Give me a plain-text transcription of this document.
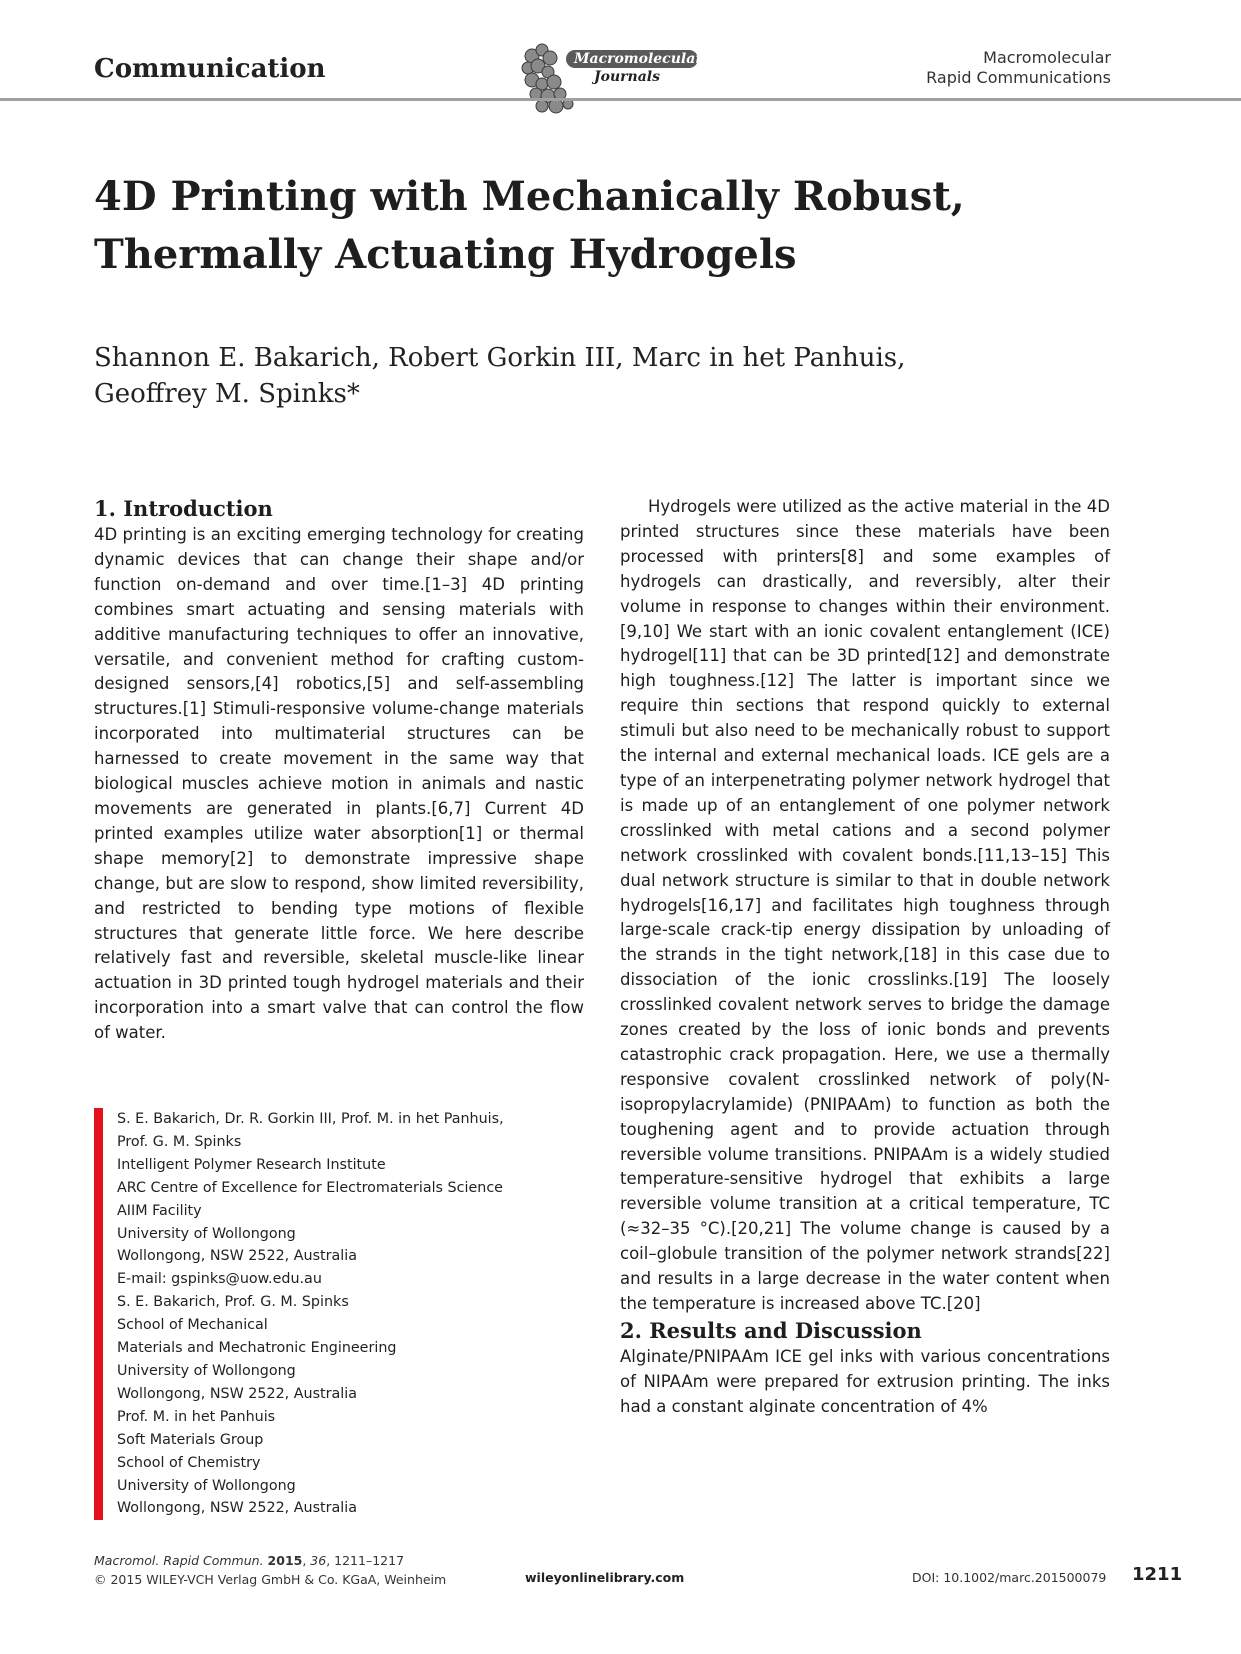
Communication	Macromolecular
Journals
Macromolecular
Rapid Communications
4D Printing with Mechanically Robust,
Thermally Actuating Hydrogels

Shannon E. Bakarich, Robert Gorkin III, Marc in het Panhuis, Geoffrey M. Spinks*

1. Introduction

4D printing is an exciting emerging technology for creating dynamic devices that can change their shape and/or function on-demand and over time.[1–3] 4D printing combines smart actuating and sensing materials with additive manufacturing techniques to offer an innovative, versatile, and convenient method for crafting custom-designed sensors,[4] robotics,[5] and self-assembling structures.[1] Stimuli-responsive volume-change materials incorporated into multimaterial structures can be harnessed to create movement in the same way that biological muscles achieve motion in animals and nastic movements are generated in plants.[6,7] Current 4D printed examples utilize water absorption[1] or thermal shape memory[2] to demonstrate impressive shape change, but are slow to respond, show limited reversibility, and restricted to bending type motions of flexible structures that generate little force. We here describe relatively fast and reversible, skeletal muscle-like linear actuation in 3D printed tough hydrogel materials and their incorporation into a smart valve that can control the flow of water.

S. E. Bakarich, Dr. R. Gorkin III, Prof. M. in het Panhuis,
Prof. G. M. Spinks
Intelligent Polymer Research Institute
ARC Centre of Excellence for Electromaterials Science
AIIM Facility
University of Wollongong
Wollongong, NSW 2522, Australia
E-mail: gspinks@uow.edu.au
S. E. Bakarich, Prof. G. M. Spinks
School of Mechanical
Materials and Mechatronic Engineering
University of Wollongong
Wollongong, NSW 2522, Australia
Prof. M. in het Panhuis
Soft Materials Group
School of Chemistry
University of Wollongong
Wollongong, NSW 2522, Australia

Hydrogels were utilized as the active material in the 4D printed structures since these materials have been processed with printers[8] and some examples of hydrogels can drastically, and reversibly, alter their volume in response to changes within their environment.[9,10] We start with an ionic covalent entanglement (ICE) hydrogel[11] that can be 3D printed[12] and demonstrate high toughness.[12] The latter is important since we require thin sections that respond quickly to external stimuli but also need to be mechanically robust to support the internal and external mechanical loads. ICE gels are a type of an interpenetrating polymer network hydrogel that is made up of an entanglement of one polymer network crosslinked with metal cations and a second polymer network crosslinked with covalent bonds.[11,13–15] This dual network structure is similar to that in double network hydrogels[16,17] and facilitates high toughness through large-scale crack-tip energy dissipation by unloading of the strands in the tight network,[18] in this case due to dissociation of the ionic crosslinks.[19] The loosely crosslinked covalent network serves to bridge the damage zones created by the loss of ionic bonds and prevents catastrophic crack propagation. Here, we use a thermally responsive covalent crosslinked network of poly(N-isopropylacrylamide) (PNIPAAm) to function as both the toughening agent and to provide actuation through reversible volume transitions. PNIPAAm is a widely studied temperature-sensitive hydrogel that exhibits a large reversible volume transition at a critical temperature, TC (≈32–35 °C).[20,21] The volume change is caused by a coil–globule transition of the polymer network strands[22] and results in a large decrease in the water content when the temperature is increased above TC.[20]

2. Results and Discussion

Alginate/PNIPAAm ICE gel inks with various concentrations of NIPAAm were prepared for extrusion printing. The inks had a constant alginate concentration of 4%

Macromol. Rapid Commun. 2015, 36, 1211–1217
© 2015 WILEY-VCH Verlag GmbH & Co. KGaA, Weinheim	wileyonlinelibrary.com	DOI: 10.1002/marc.201500079 1211
